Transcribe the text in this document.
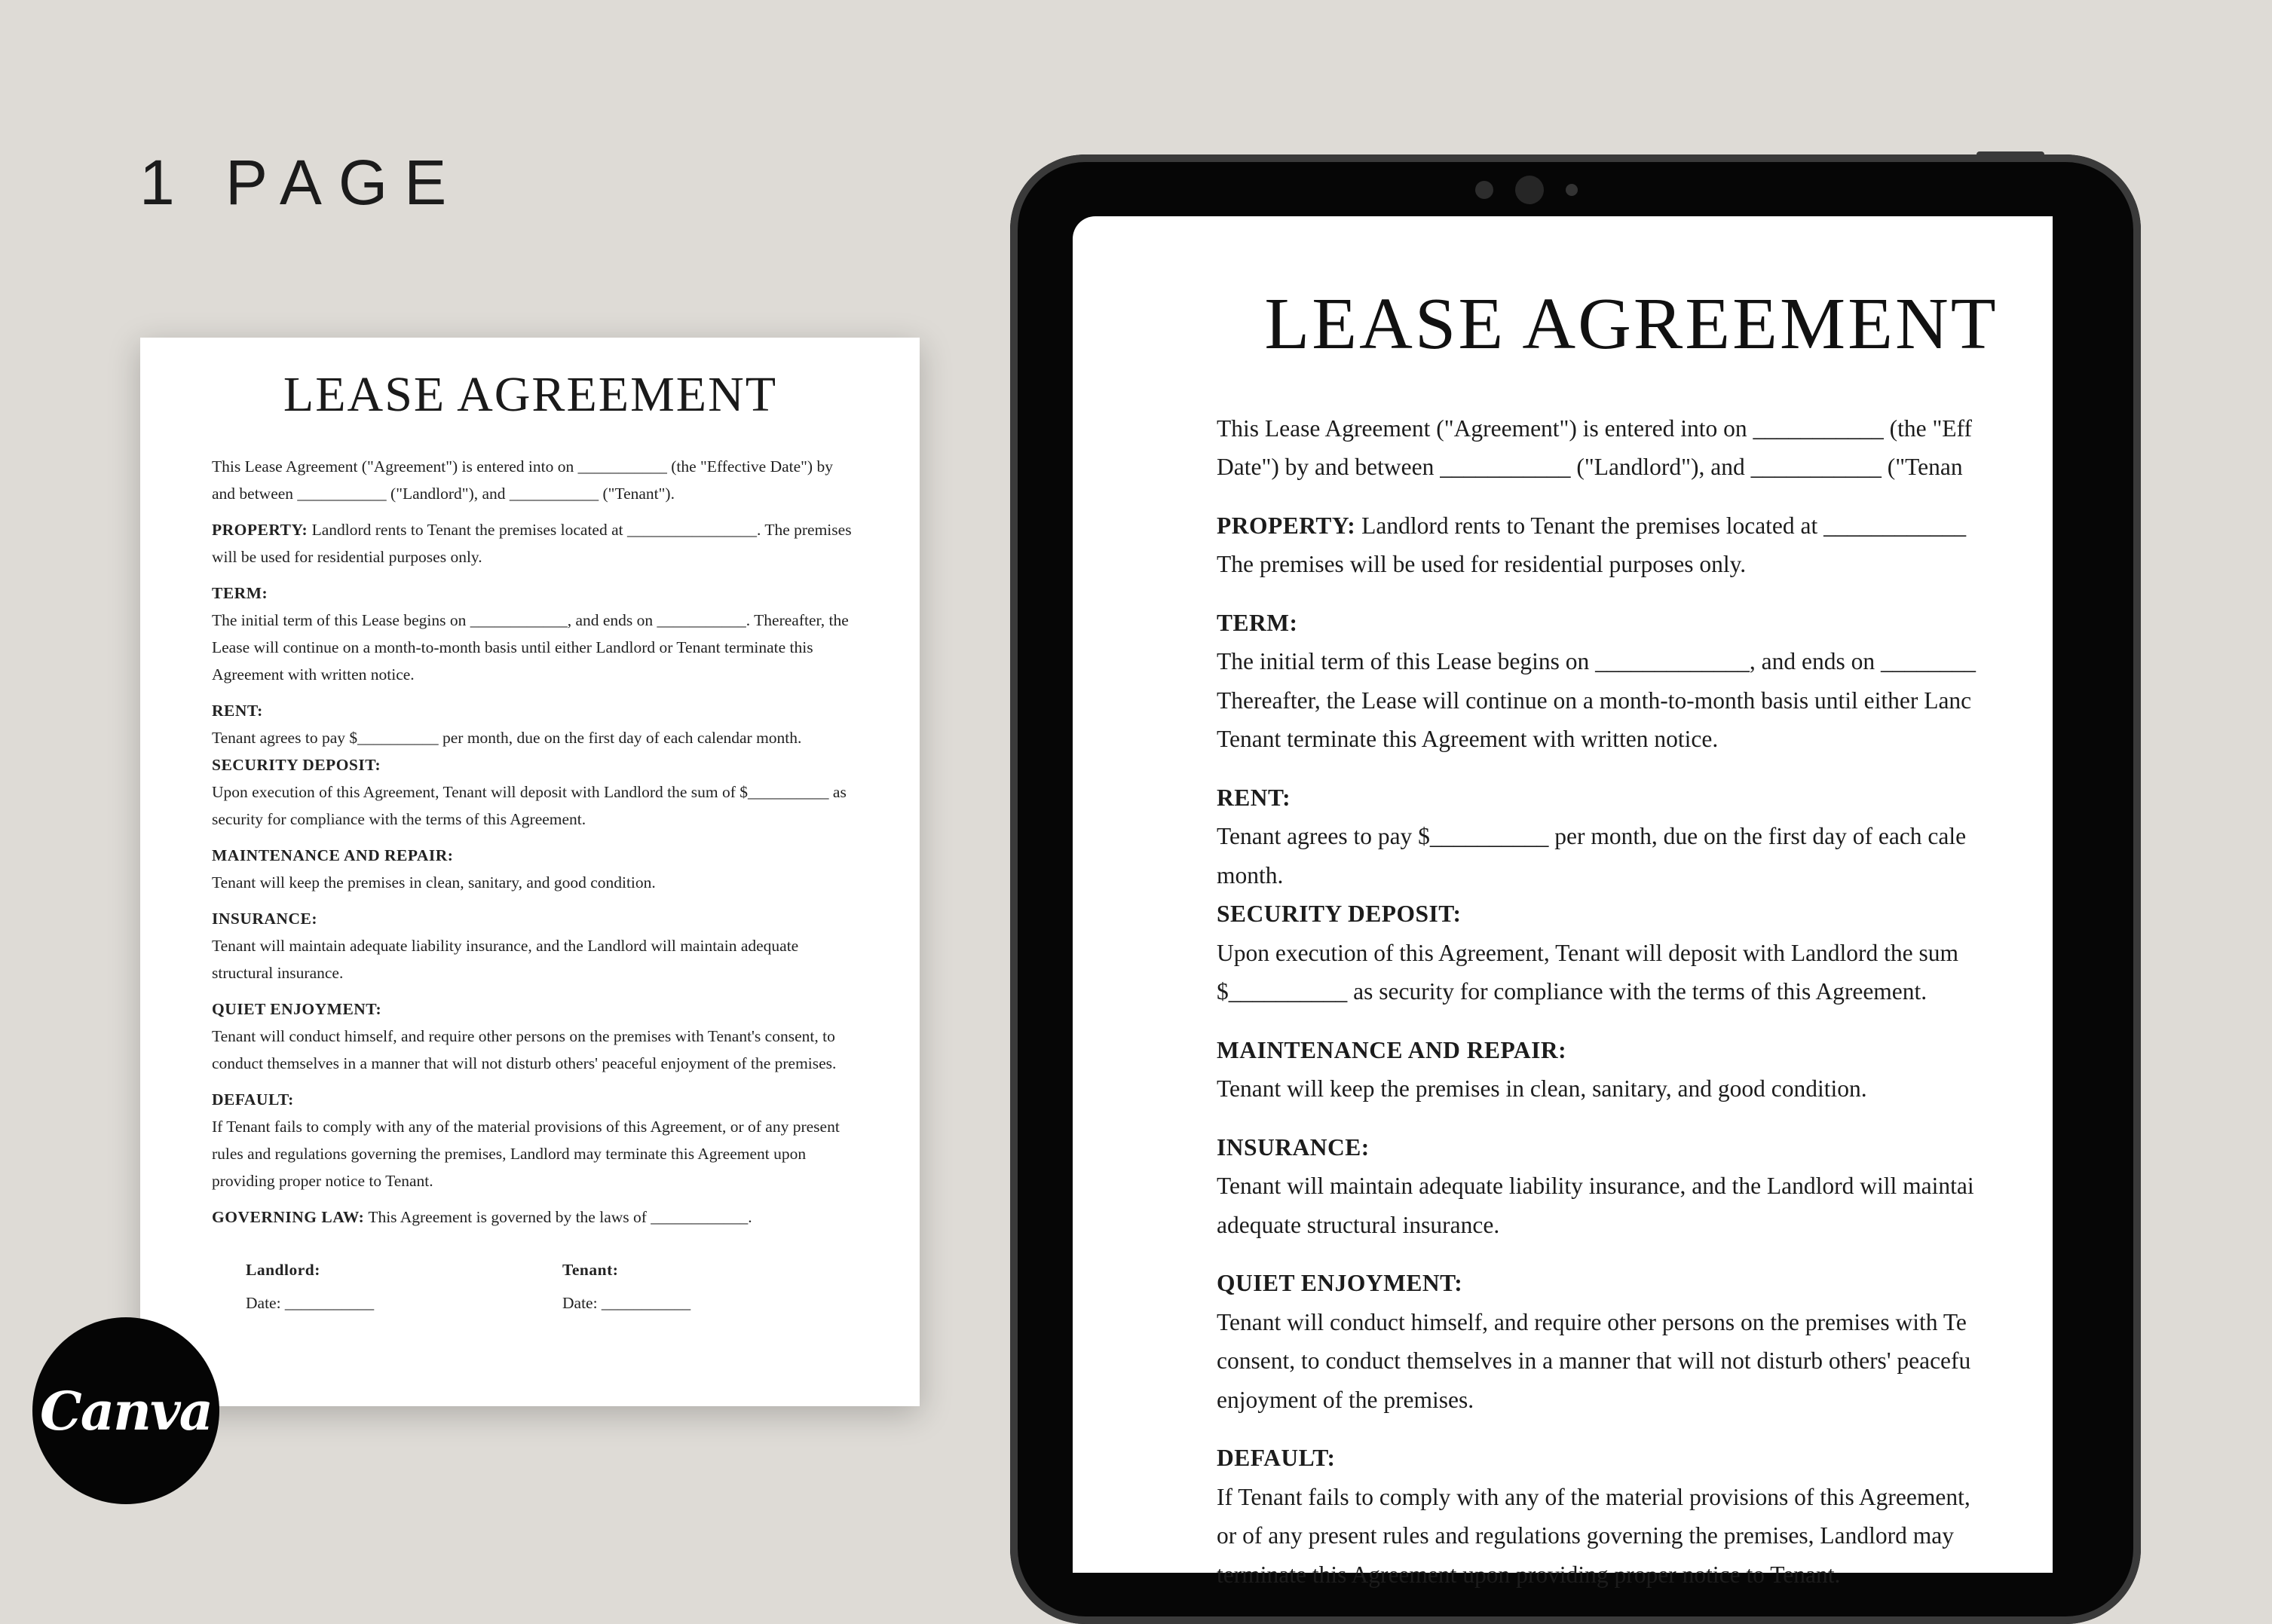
1 PAGE
LEASE AGREEMENT
This Lease Agreement ("Agreement") is entered into on ___________ (the "Effective Date") by and between ___________ ("Landlord"), and ___________ ("Tenant").
PROPERTY: Landlord rents to Tenant the premises located at ________________. The premises will be used for residential purposes only.
TERM:
The initial term of this Lease begins on ____________, and ends on ___________. Thereafter, the Lease will continue on a month-to-month basis until either Landlord or Tenant terminate this Agreement with written notice.
RENT:
Tenant agrees to pay $__________ per month, due on the first day of each calendar month.
SECURITY DEPOSIT:
Upon execution of this Agreement, Tenant will deposit with Landlord the sum of $__________ as security for compliance with the terms of this Agreement.
MAINTENANCE AND REPAIR:
Tenant will keep the premises in clean, sanitary, and good condition.
INSURANCE:
Tenant will maintain adequate liability insurance, and the Landlord will maintain adequate structural insurance.
QUIET ENJOYMENT:
Tenant will conduct himself, and require other persons on the premises with Tenant's consent, to conduct themselves in a manner that will not disturb others' peaceful enjoyment of the premises.
DEFAULT:
If Tenant fails to comply with any of the material provisions of this Agreement, or of any present rules and regulations governing the premises, Landlord may terminate this Agreement upon providing proper notice to Tenant.
GOVERNING LAW: This Agreement is governed by the laws of ____________.
Landlord:
Date: ___________
Tenant:
Date: ___________
LEASE AGREEMENT
This Lease Agreement ("Agreement") is entered into on ___________ (the "Eff
Date") by and between ___________ ("Landlord"), and ___________ ("Tenan
PROPERTY: Landlord rents to Tenant the premises located at ____________
The premises will be used for residential purposes only.
TERM:
The initial term of this Lease begins on _____________, and ends on ________
Thereafter, the Lease will continue on a month-to-month basis until either Lanc
Tenant terminate this Agreement with written notice.
RENT:
Tenant agrees to pay $__________ per month, due on the first day of each cale
month.
SECURITY DEPOSIT:
Upon execution of this Agreement, Tenant will deposit with Landlord the sum
$__________ as security for compliance with the terms of this Agreement.
MAINTENANCE AND REPAIR:
Tenant will keep the premises in clean, sanitary, and good condition.
INSURANCE:
Tenant will maintain adequate liability insurance, and the Landlord will maintai
adequate structural insurance.
QUIET ENJOYMENT:
Tenant will conduct himself, and require other persons on the premises with Te
consent, to conduct themselves in a manner that will not disturb others' peacefu
enjoyment of the premises.
DEFAULT:
If Tenant fails to comply with any of the material provisions of this Agreement,
or of any present rules and regulations governing the premises, Landlord may
terminate this Agreement upon providing proper notice to Tenant.
Canva
